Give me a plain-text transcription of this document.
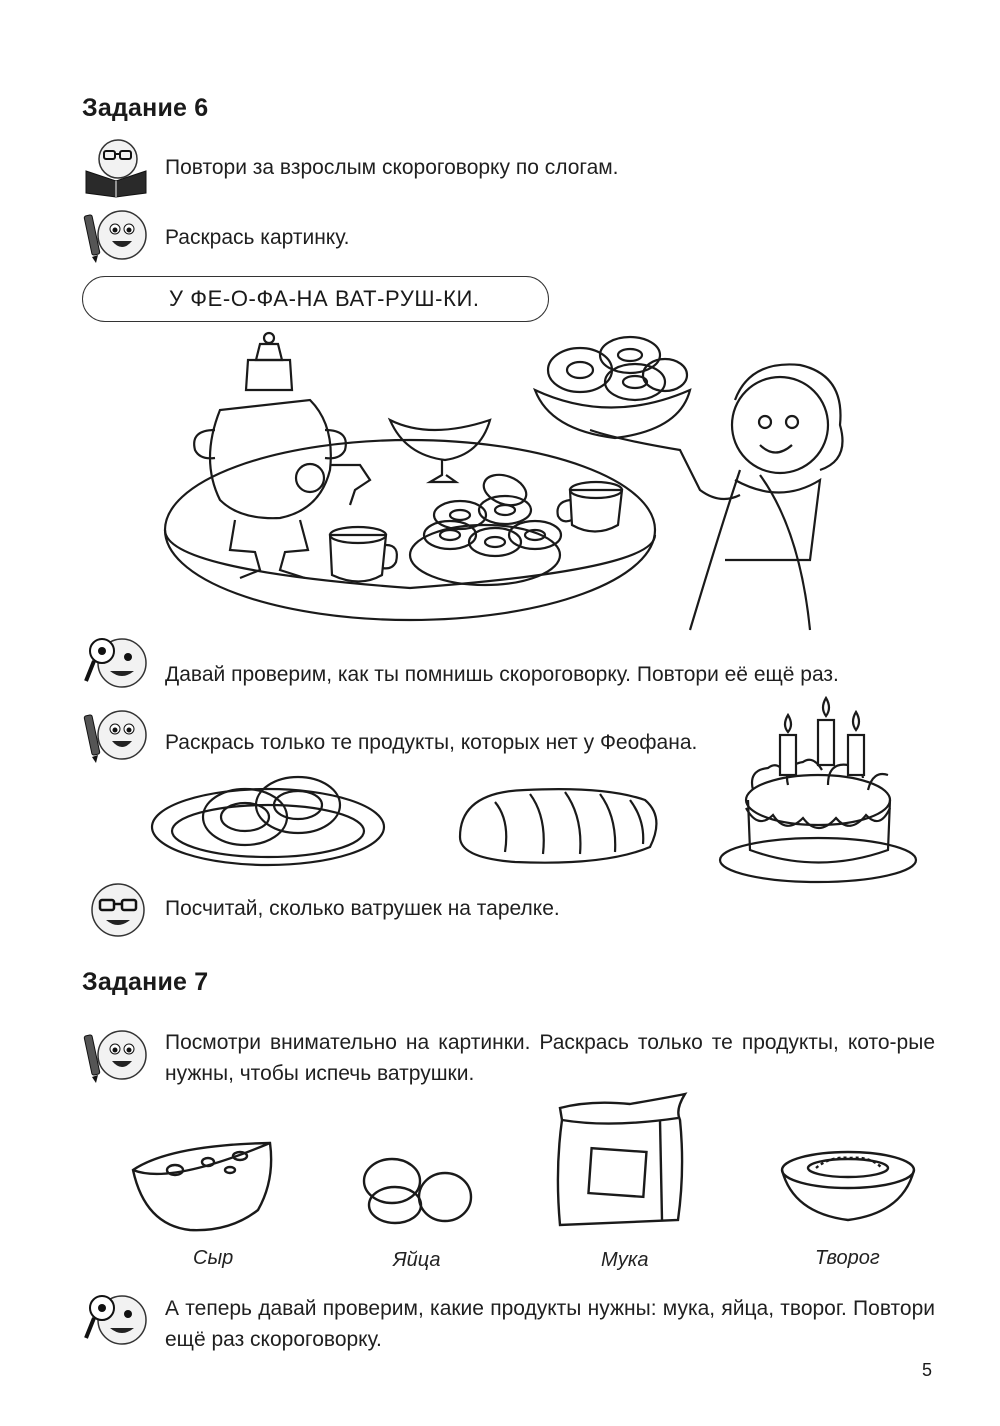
Задание 6
Повтори за взрослым скороговорку по слогам.
Раскрась картинку.
У ФЕ-О-ФА-НА ВАТ-РУШ-КИ.
Давай проверим, как ты помнишь скороговорку. Повтори её ещё раз.
Раскрась только те продукты, которых нет у Феофана.
Посчитай, сколько ватрушек на тарелке.
Задание 7
Посмотри внимательно на картинки. Раскрась только те продукты, кото-рые нужны, чтобы испечь ватрушки.
Сыр	Яйца	Мука	Творог
А теперь давай проверим, какие продукты нужны: мука, яйца, творог. Повтори ещё раз скороговорку.
5
